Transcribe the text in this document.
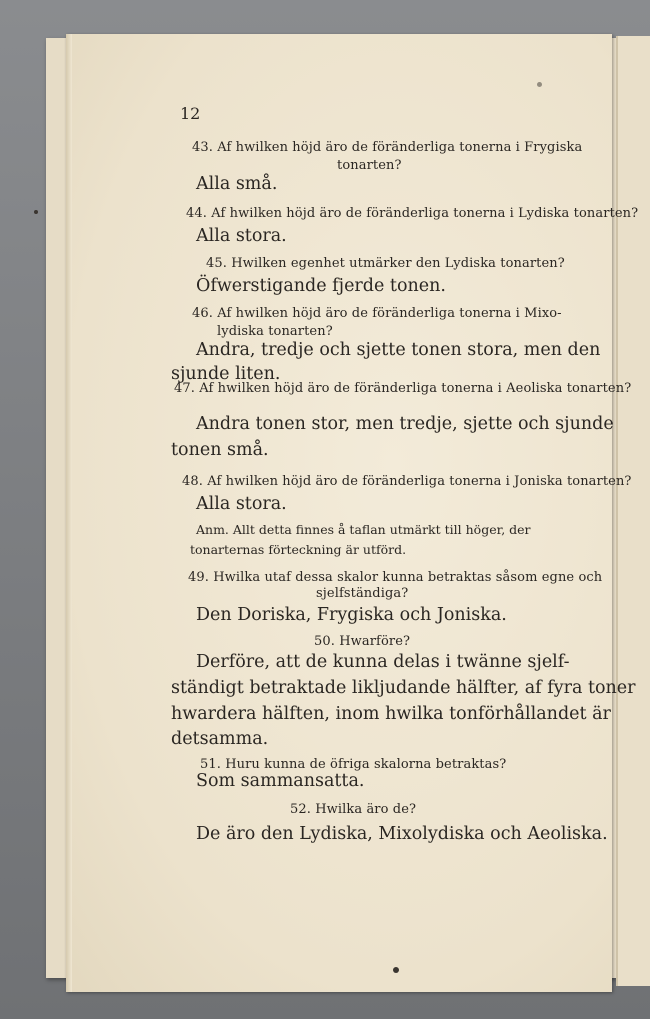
12
43. Af hwilken höjd äro de föränderliga tonerna i Frygiska
tonarten?
Alla små.
44. Af hwilken höjd äro de föränderliga tonerna i Lydiska tonarten?
Alla stora.
45. Hwilken egenhet utmärker den Lydiska tonarten?
Öfwerstigande fjerde tonen.
46. Af hwilken höjd äro de föränderliga tonerna i Mixo-
lydiska tonarten?
Andra, tredje och sjette tonen stora, men den
sjunde liten.
47. Af hwilken höjd äro de föränderliga tonerna i Aeoliska tonarten?
Andra tonen stor, men tredje, sjette och sjunde
tonen små.
48. Af hwilken höjd äro de föränderliga tonerna i Joniska tonarten?
Alla stora.
Anm. Allt detta finnes å taflan utmärkt till höger, der
tonarternas förteckning är utförd.
49. Hwilka utaf dessa skalor kunna betraktas såsom egne och
sjelfständiga?
Den Doriska, Frygiska och Joniska.
50. Hwarföre?
Derföre, att de kunna delas i twänne sjelf-
ständigt betraktade likljudande hälfter, af fyra toner
hwardera hälften, inom hwilka tonförhållandet är
detsamma.
51. Huru kunna de öfriga skalorna betraktas?
Som sammansatta.
52. Hwilka äro de?
De äro den Lydiska, Mixolydiska och Aeoliska.
